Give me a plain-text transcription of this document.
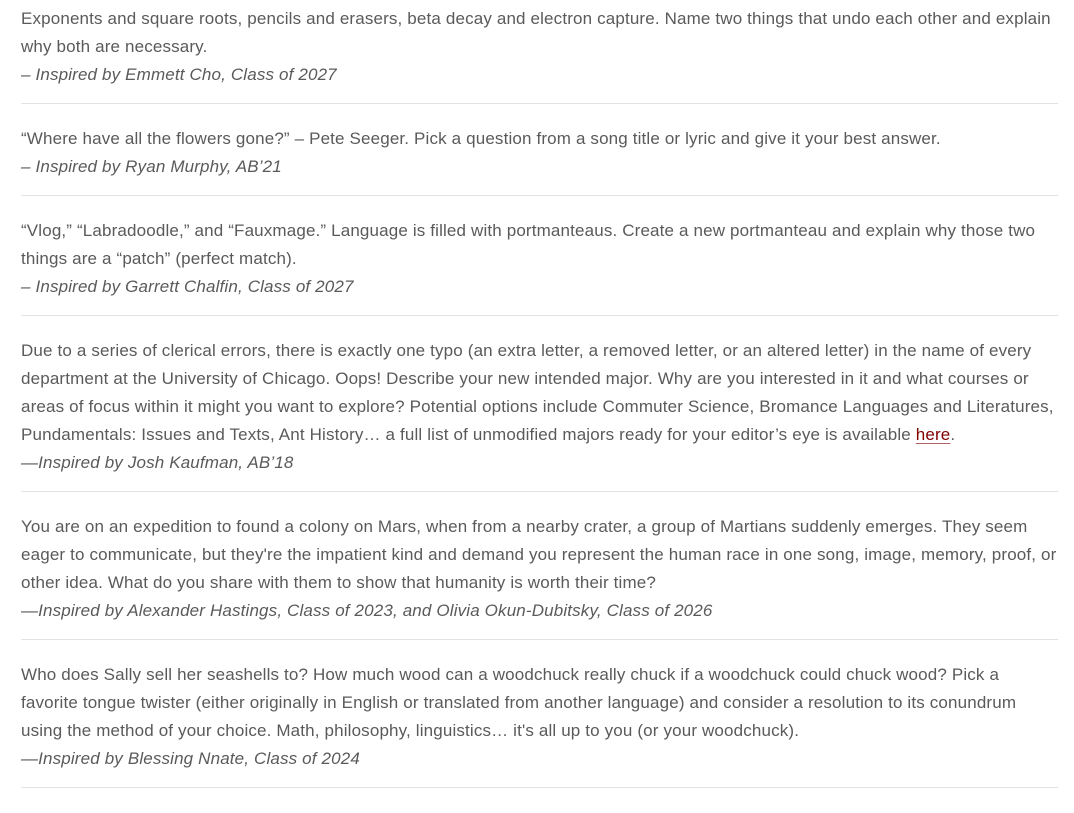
Exponents and square roots, pencils and erasers, beta decay and electron capture. Name two things that undo each other and explain why both are necessary.

– Inspired by Emmett Cho, Class of 2027

“Where have all the flowers gone?” – Pete Seeger. Pick a question from a song title or lyric and give it your best answer.

– Inspired by Ryan Murphy, AB’21

“Vlog,” “Labradoodle,” and “Fauxmage.” Language is filled with portmanteaus. Create a new portmanteau and explain why those two things are a “patch” (perfect match).

– Inspired by Garrett Chalfin, Class of 2027

Due to a series of clerical errors, there is exactly one typo (an extra letter, a removed letter, or an altered letter) in the name of every department at the University of Chicago. Oops! Describe your new intended major. Why are you interested in it and what courses or areas of focus within it might you want to explore? Potential options include Commuter Science, Bromance Languages and Literatures, Pundamentals: Issues and Texts, Ant History… a full list of unmodified majors ready for your editor’s eye is available here.

—Inspired by Josh Kaufman, AB’18

You are on an expedition to found a colony on Mars, when from a nearby crater, a group of Martians suddenly emerges. They seem eager to communicate, but they're the impatient kind and demand you represent the human race in one song, image, memory, proof, or other idea. What do you share with them to show that humanity is worth their time?

—Inspired by Alexander Hastings, Class of 2023, and Olivia Okun-Dubitsky, Class of 2026

Who does Sally sell her seashells to? How much wood can a woodchuck really chuck if a woodchuck could chuck wood? Pick a favorite tongue twister (either originally in English or translated from another language) and consider a resolution to its conundrum using the method of your choice. Math, philosophy, linguistics… it's all up to you (or your woodchuck).

—Inspired by Blessing Nnate, Class of 2024
